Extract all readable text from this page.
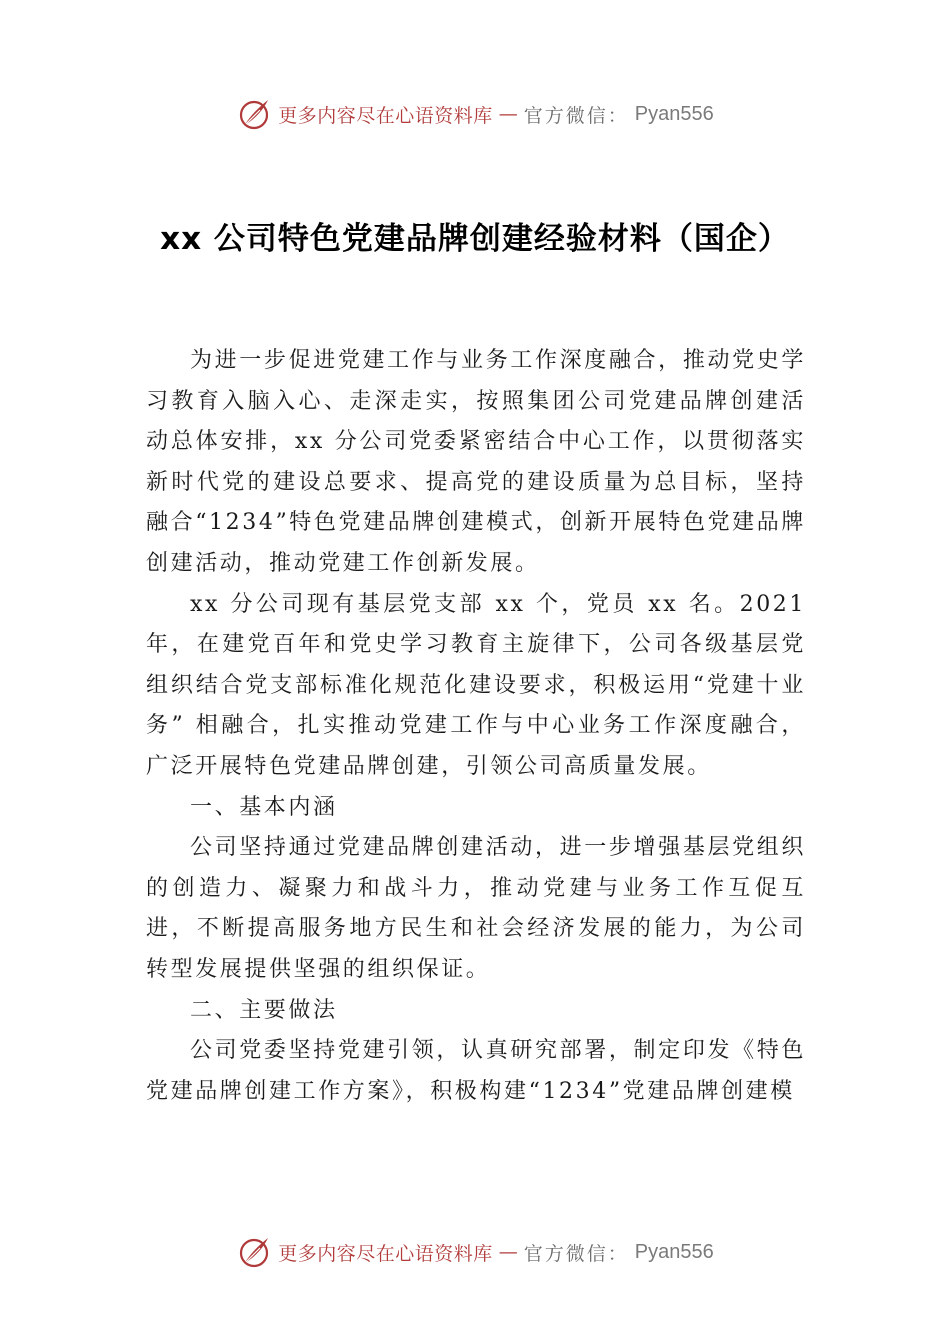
更多内容尽在心语资料库 — 官方微信： Pyan556
xx 公司特色党建品牌创建经验材料（国企）

为进一步促进党建工作与业务工作深度融合，推动党史学习教育入脑入心、走深走实，按照集团公司党建品牌创建活动总体安排，xx 分公司党委紧密结合中心工作，以贯彻落实新时代党的建设总要求、提高党的建设质量为总目标，坚持融合“1234”特色党建品牌创建模式，创新开展特色党建品牌创建活动，推动党建工作创新发展。

xx 分公司现有基层党支部 xx 个，党员 xx 名。2021 年，在建党百年和党史学习教育主旋律下，公司各级基层党组织结合党支部标准化规范化建设要求，积极运用“党建十业务” 相融合，扎实推动党建工作与中心业务工作深度融合，广泛开展特色党建品牌创建，引领公司高质量发展。

一、基本内涵

公司坚持通过党建品牌创建活动，进一步增强基层党组织的创造力、凝聚力和战斗力，推动党建与业务工作互促互进，不断提高服务地方民生和社会经济发展的能力，为公司转型发展提供坚强的组织保证。

二、主要做法

公司党委坚持党建引领，认真研究部署，制定印发《特色党建品牌创建工作方案》，积极构建“1234”党建品牌创建模

更多内容尽在心语资料库 — 官方微信： Pyan556
